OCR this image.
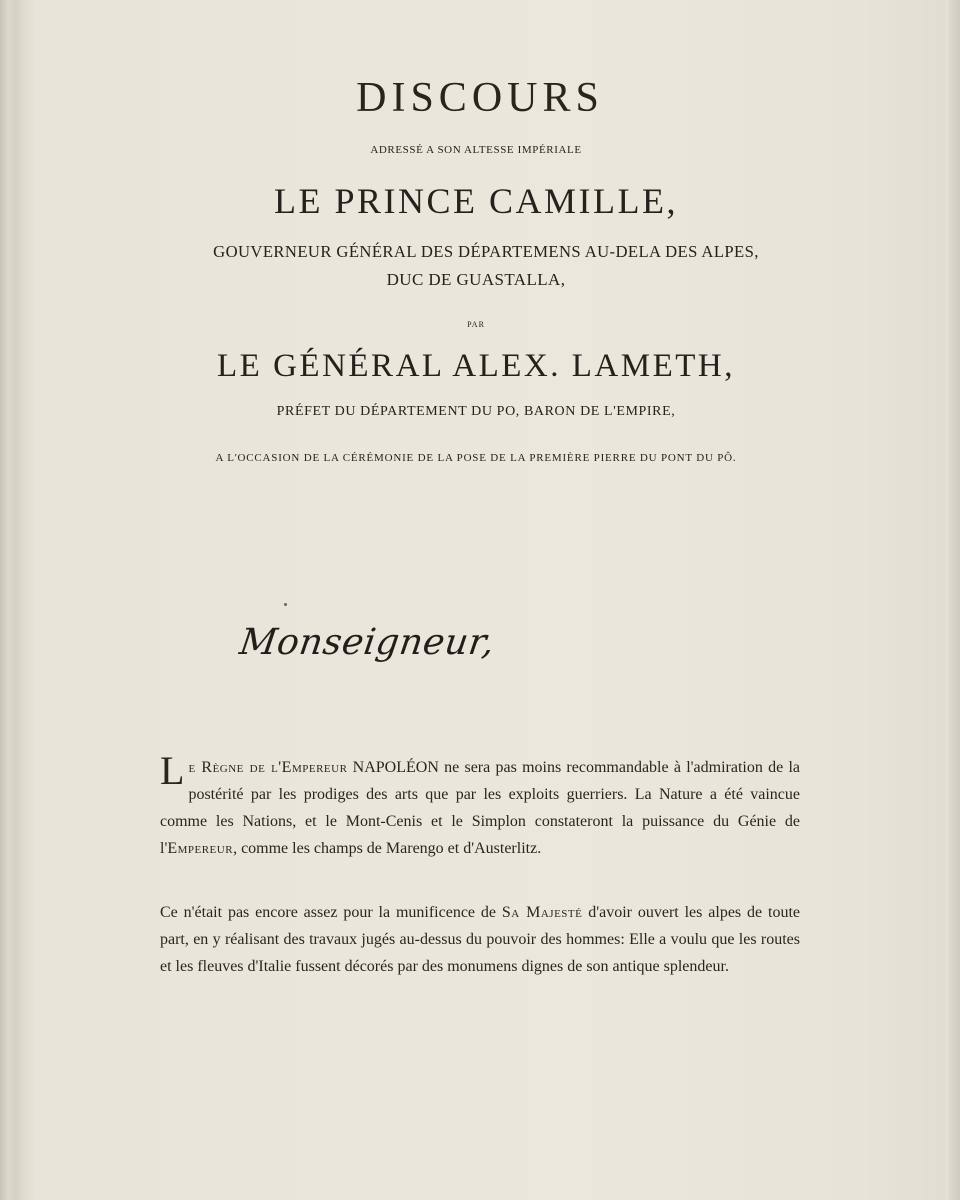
DISCOURS
ADRESSÉ A SON ALTESSE IMPÉRIALE
LE PRINCE CAMILLE,
GOUVERNEUR GÉNÉRAL DES DÉPARTEMENS AU-DELA DES ALPES,
DUC DE GUASTALLA,
PAR
LE GÉNÉRAL ALEX. LAMETH,
PRÉFET DU DÉPARTEMENT DU PO, BARON DE L'EMPIRE,
A L'OCCASION DE LA CÉRÉMONIE DE LA POSE DE LA PREMIÈRE PIERRE DU PONT DU PÔ.
Monseigneur,
Le Règne de l'Empereur NAPOLÉON ne sera pas moins recommandable à l'admiration de la postérité par les prodiges des arts que par les exploits guerriers. La Nature a été vaincue comme les Nations, et le Mont-Cenis et le Simplon constateront la puissance du Génie de l'Empereur, comme les champs de Marengo et d'Austerlitz.
Ce n'était pas encore assez pour la munificence de Sa Majesté d'avoir ouvert les alpes de toute part, en y réalisant des travaux jugés au-dessus du pouvoir des hommes: Elle a voulu que les routes et les fleuves d'Italie fussent décorés par des monumens dignes de son antique splendeur.
